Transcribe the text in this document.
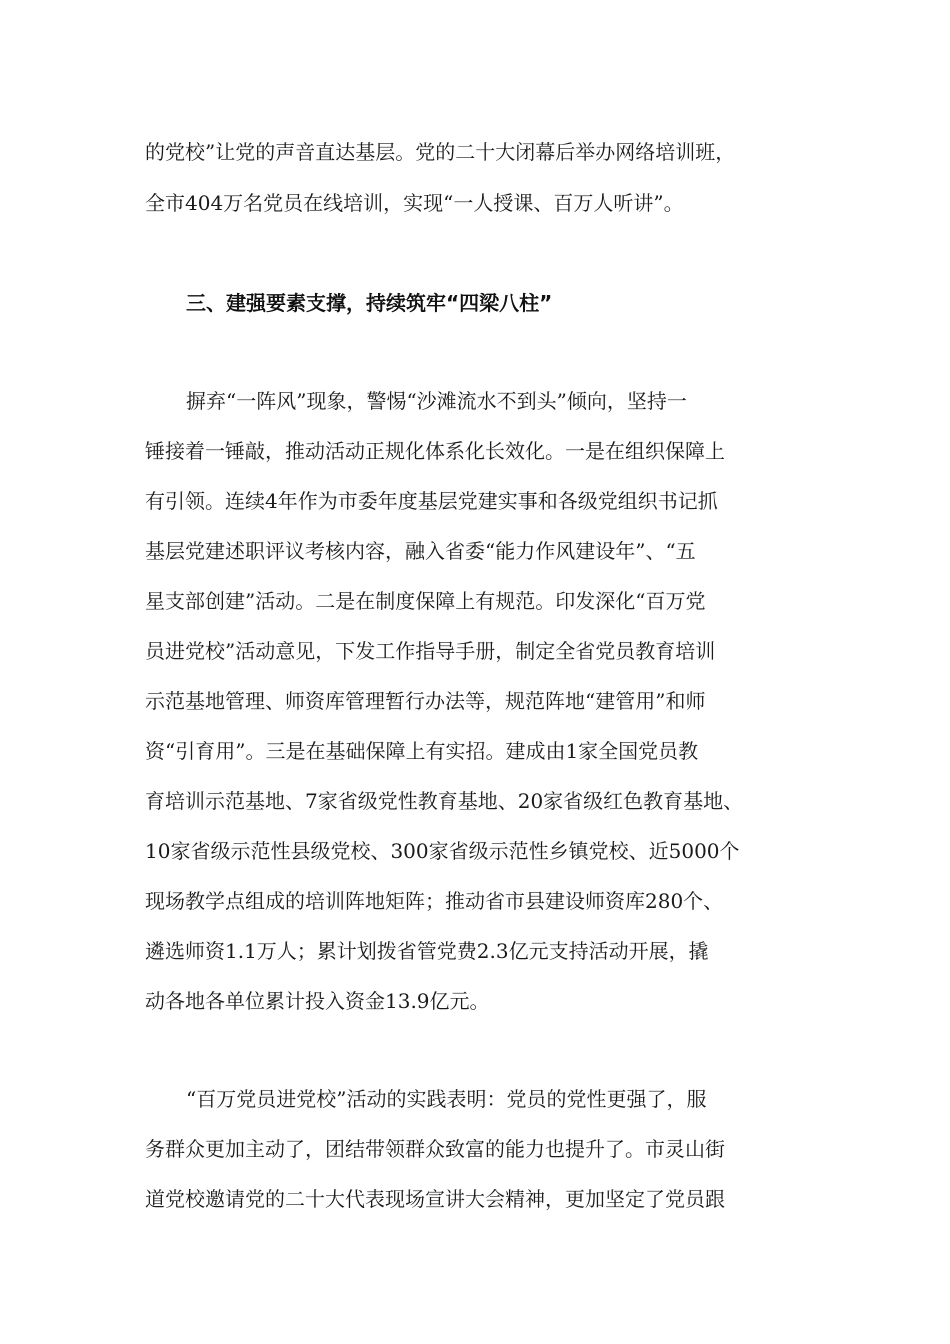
的党校”让党的声音直达基层。党的二十大闭幕后举办网络培训班，
全市404万名党员在线培训，实现“一人授课、百万人听讲”。
三、建强要素支撑，持续筑牢“四梁八柱”
摒弃“一阵风”现象，警惕“沙滩流水不到头”倾向，坚持一
锤接着一锤敲，推动活动正规化体系化长效化。一是在组织保障上
有引领。连续4年作为市委年度基层党建实事和各级党组织书记抓
基层党建述职评议考核内容，融入省委“能力作风建设年”、“五
星支部创建”活动。二是在制度保障上有规范。印发深化“百万党
员进党校”活动意见，下发工作指导手册，制定全省党员教育培训
示范基地管理、师资库管理暂行办法等，规范阵地“建管用”和师
资“引育用”。三是在基础保障上有实招。建成由1家全国党员教
育培训示范基地、7家省级党性教育基地、20家省级红色教育基地、
10家省级示范性县级党校、300家省级示范性乡镇党校、近5000个
现场教学点组成的培训阵地矩阵；推动省市县建设师资库280个、
遴选师资1.1万人；累计划拨省管党费2.3亿元支持活动开展，撬
动各地各单位累计投入资金13.9亿元。
“百万党员进党校”活动的实践表明：党员的党性更强了，服
务群众更加主动了，团结带领群众致富的能力也提升了。市灵山街
道党校邀请党的二十大代表现场宣讲大会精神，更加坚定了党员跟
